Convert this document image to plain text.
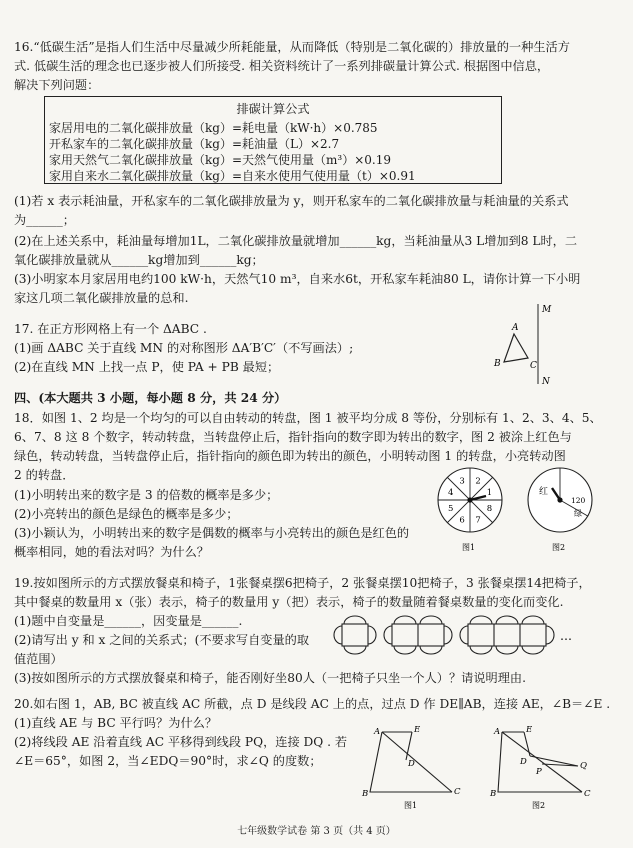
16.“低碳生活”是指人们生活中尽量减少所耗能量，从而降低（特别是二氧化碳的）排放量的一种生活方
式. 低碳生活的理念也已逐步被人们所接受. 相关资料统计了一系列排碳量计算公式. 根据图中信息，
解决下列问题：
排碳计算公式
家居用电的二氧化碳排放量（kg）=耗电量（kW·h）×0.785
开私家车的二氧化碳排放量（kg）=耗油量（L）×2.7
家用天然气二氧化碳排放量（kg）=天然气使用量（m³）×0.19
家用自来水二氧化碳排放量（kg）=自来水使用气使用量（t）×0.91
(1)若 x 表示耗油量，开私家车的二氧化碳排放量为 y，则开私家车的二氧化碳排放量与耗油量的关系式
为______；
(2)在上述关系中，耗油量每增加1L，二氧化碳排放量就增加______kg，当耗油量从3 L增加到8 L时，二
氧化碳排放量就从______kg增加到______kg；
(3)小明家本月家居用电约100 kW·h，天然气10 m³，自来水6t，开私家车耗油80 L，请你计算一下小明
家这几项二氧化碳排放量的总和.
17. 在正方形网格上有一个 ΔABC .
(1)画 ΔABC 关于直线 MN 的对称图形 ΔA′B′C′（不写画法）;
(2)在直线 MN 上找一点 P，使 PA + PB 最短；
M
N
A
B	C
四、(本大题共 3 小题，每小题 8 分，共 24 分）
18．如图 1、2 均是一个均匀的可以自由转动的转盘，图 1 被平均分成 8 等份，分别标有 1、2、3、4、5、
6、7、8 这 8 个数字，转动转盘，当转盘停止后，指针指向的数字即为转出的数字，图 2 被涂上红色与
绿色，转动转盘，当转盘停止后，指针指向的颜色即为转出的颜色，小明转动图 1 的转盘，小亮转动图
2 的转盘．
(1)小明转出来的数字是 3 的倍数的概率是多少；
(2)小亮转出的颜色是绿色的概率是多少；
(3)小颖认为，小明转出来的数字是偶数的概率与小亮转出的颜色是红色的
概率相同，她的看法对吗？为什么？
2
1
8
7
6
5
4
3
图1
红
120
绿
图2
19.按如图所示的方式摆放餐桌和椅子，1张餐桌摆6把椅子，2 张餐桌摆10把椅子，3 张餐桌摆14把椅子，
其中餐桌的数量用 x（张）表示，椅子的数量用 y（把）表示，椅子的数量随着餐桌数量的变化而变化.
(1)题中自变量是______，因变量是______.
(2)请写出 y 和 x 之间的关系式；(不要求写自变量的取
值范围）
(3)按如图所示的方式摆放餐桌和椅子，能否刚好坐80人（一把椅子只坐一个人）？请说明理由.
…
20.如右图 1，AB, BC 被直线 AC 所截，点 D 是线段 AC 上的点，过点 D 作 DE∥AB，连接 AE，∠B＝∠E .
(1)直线 AE 与 BC 平行吗？为什么？
(2)将线段 AE 沿着直线 AC 平移得到线段 PQ，连接 DQ . 若
∠E＝65°，如图 2，当∠EDQ＝90°时，求∠Q 的度数；
A	E
D
B	C
图1
A	E
D
P
Q
B	C
图2
七年级数学试卷 第 3 页（共 4 页）
